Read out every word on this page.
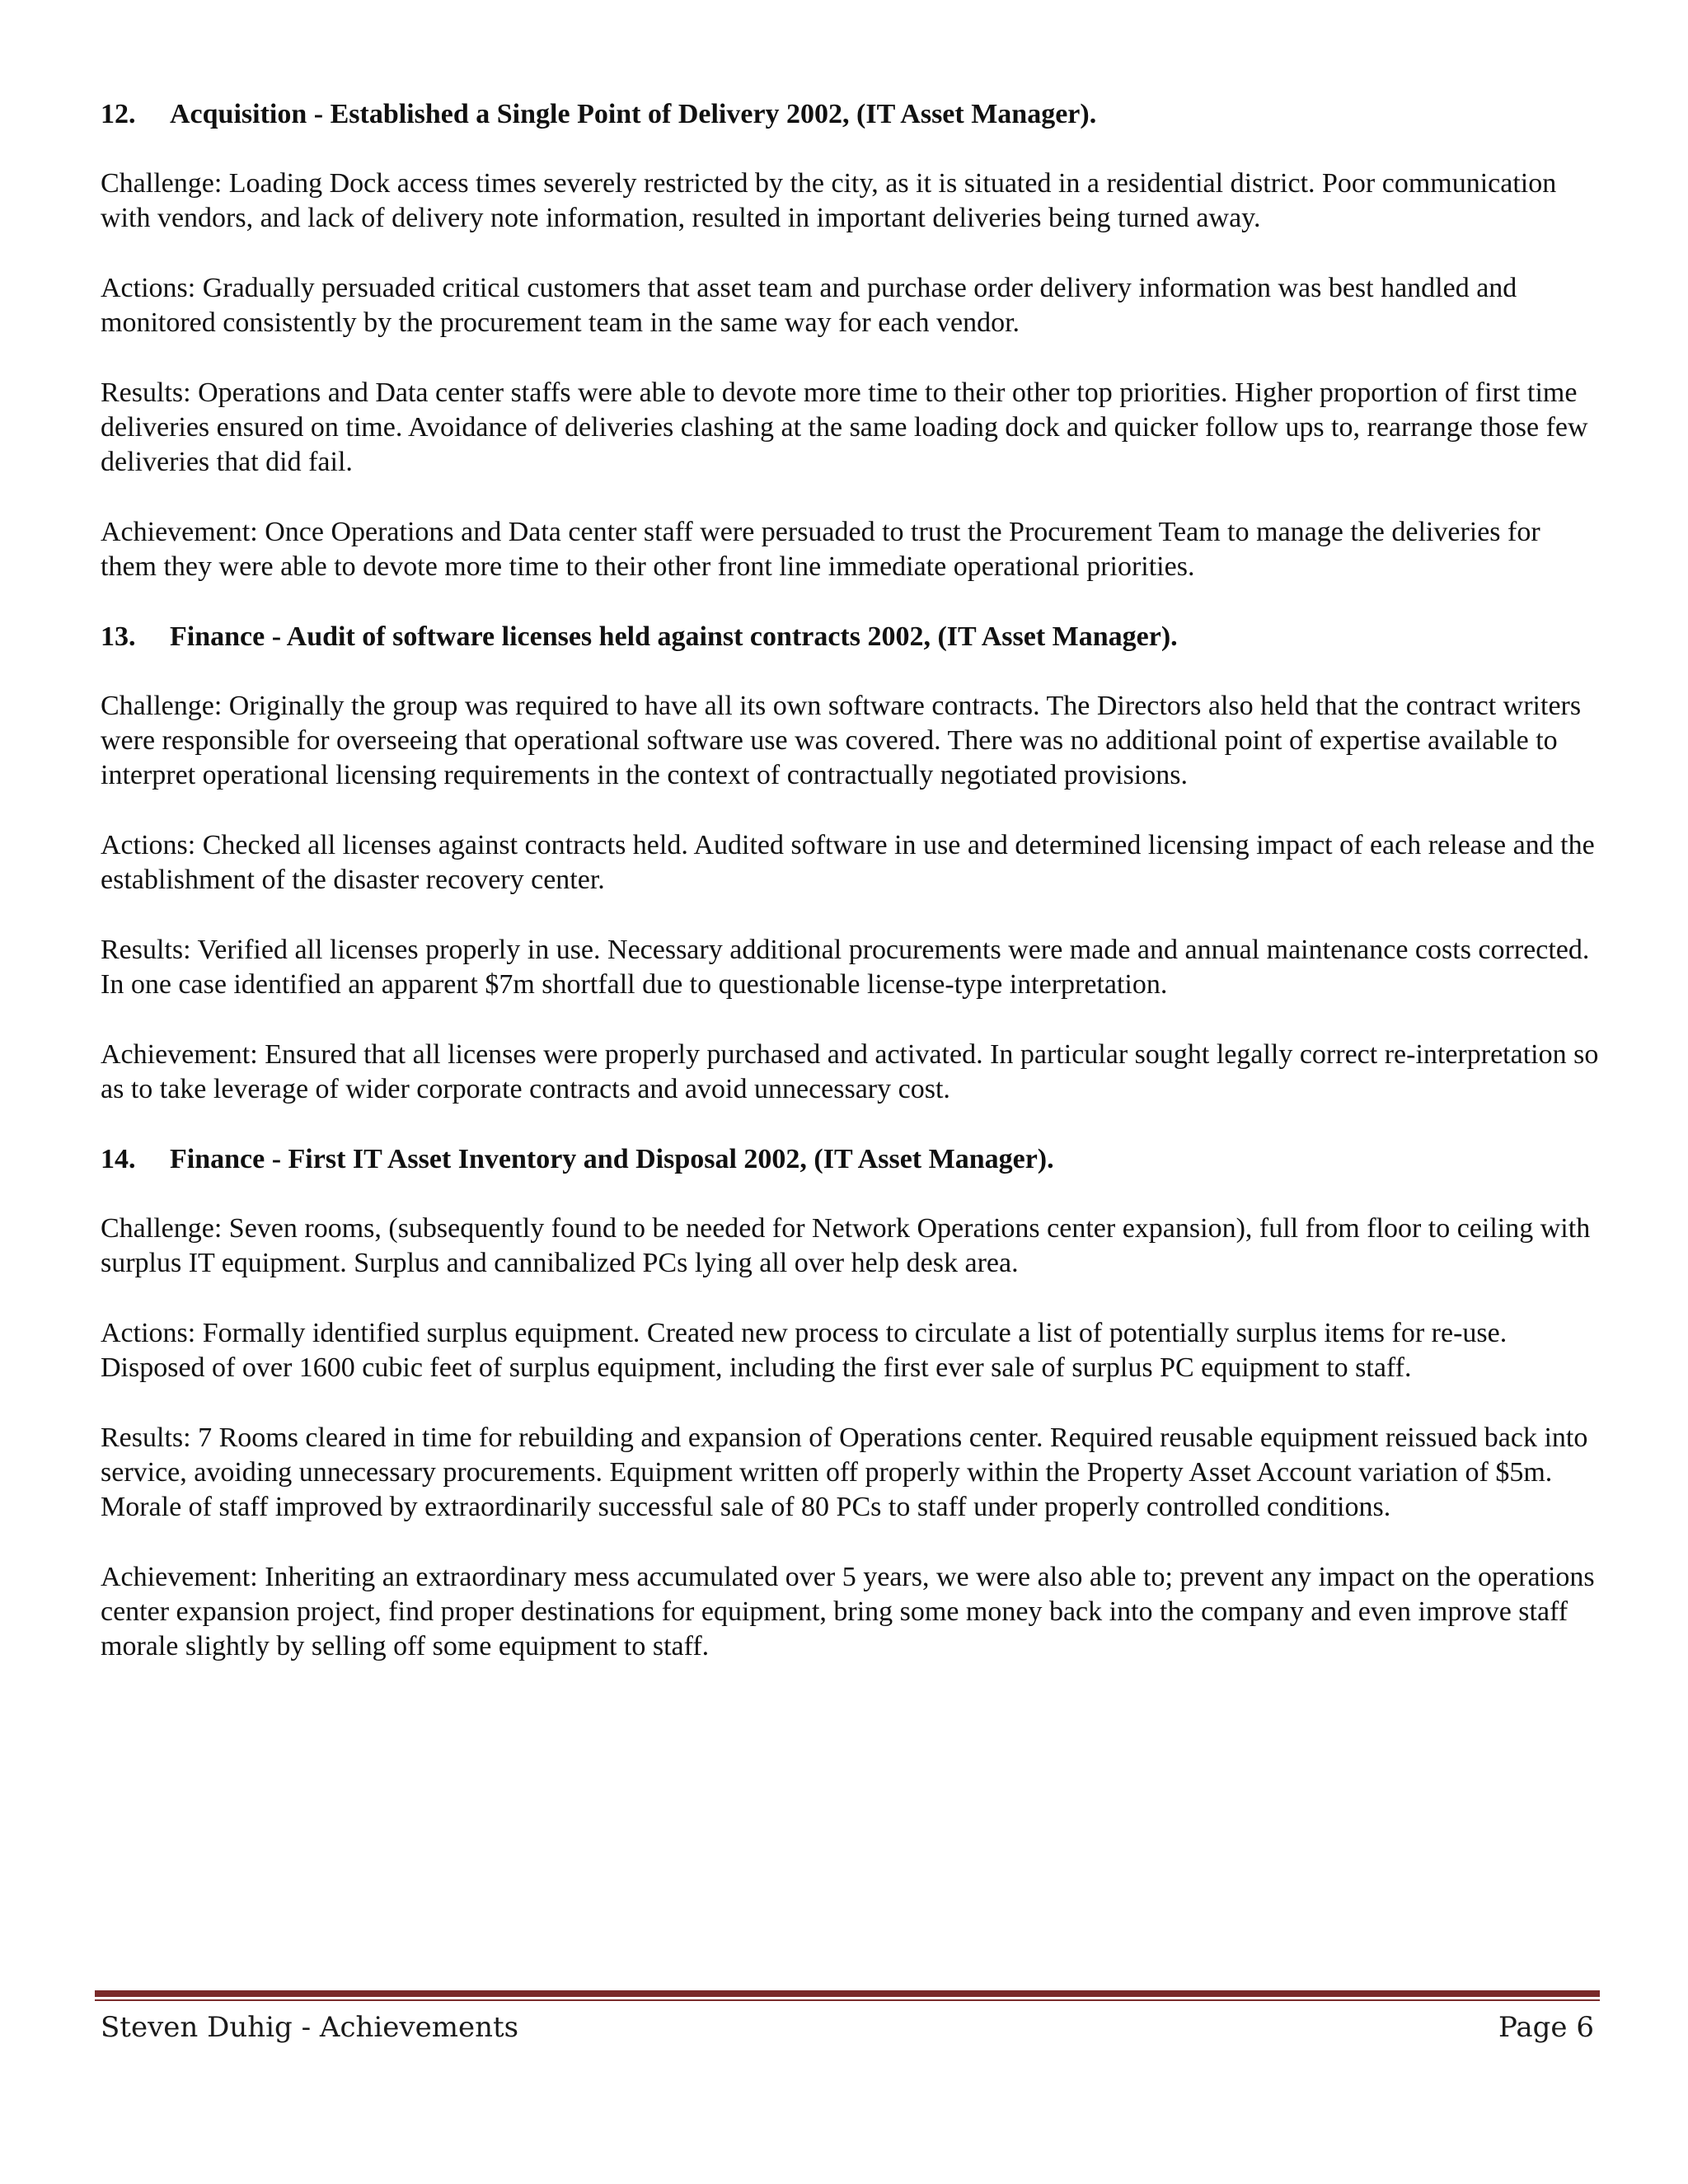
12. Acquisition - Established a Single Point of Delivery 2002, (IT Asset Manager).

Challenge: Loading Dock access times severely restricted by the city, as it is situated in a residential district. Poor communication with vendors, and lack of delivery note information, resulted in important deliveries being turned away.

Actions: Gradually persuaded critical customers that asset team and purchase order delivery information was best handled and monitored consistently by the procurement team in the same way for each vendor.

Results: Operations and Data center staffs were able to devote more time to their other top priorities. Higher proportion of first time deliveries ensured on time. Avoidance of deliveries clashing at the same loading dock and quicker follow ups to, rearrange those few deliveries that did fail.

Achievement: Once Operations and Data center staff were persuaded to trust the Procurement Team to manage the deliveries for them they were able to devote more time to their other front line immediate operational priorities.

13. Finance - Audit of software licenses held against contracts 2002, (IT Asset Manager).

Challenge: Originally the group was required to have all its own software contracts. The Directors also held that the contract writers were responsible for overseeing that operational software use was covered. There was no additional point of expertise available to interpret operational licensing requirements in the context of contractually negotiated provisions.

Actions: Checked all licenses against contracts held. Audited software in use and determined licensing impact of each release and the establishment of the disaster recovery center.

Results: Verified all licenses properly in use. Necessary additional procurements were made and annual maintenance costs corrected. In one case identified an apparent $7m shortfall due to questionable license-type interpretation.

Achievement: Ensured that all licenses were properly purchased and activated. In particular sought legally correct re-interpretation so as to take leverage of wider corporate contracts and avoid unnecessary cost.

14. Finance - First IT Asset Inventory and Disposal 2002, (IT Asset Manager).

Challenge: Seven rooms, (subsequently found to be needed for Network Operations center expansion), full from floor to ceiling with surplus IT equipment. Surplus and cannibalized PCs lying all over help desk area.

Actions: Formally identified surplus equipment. Created new process to circulate a list of potentially surplus items for re-use. Disposed of over 1600 cubic feet of surplus equipment, including the first ever sale of surplus PC equipment to staff.

Results: 7 Rooms cleared in time for rebuilding and expansion of Operations center. Required reusable equipment reissued back into service, avoiding unnecessary procurements. Equipment written off properly within the Property Asset Account variation of $5m. Morale of staff improved by extraordinarily successful sale of 80 PCs to staff under properly controlled conditions.

Achievement: Inheriting an extraordinary mess accumulated over 5 years, we were also able to; prevent any impact on the operations center expansion project, find proper destinations for equipment, bring some money back into the company and even improve staff morale slightly by selling off some equipment to staff.

Steven Duhig - Achievements	Page 6
